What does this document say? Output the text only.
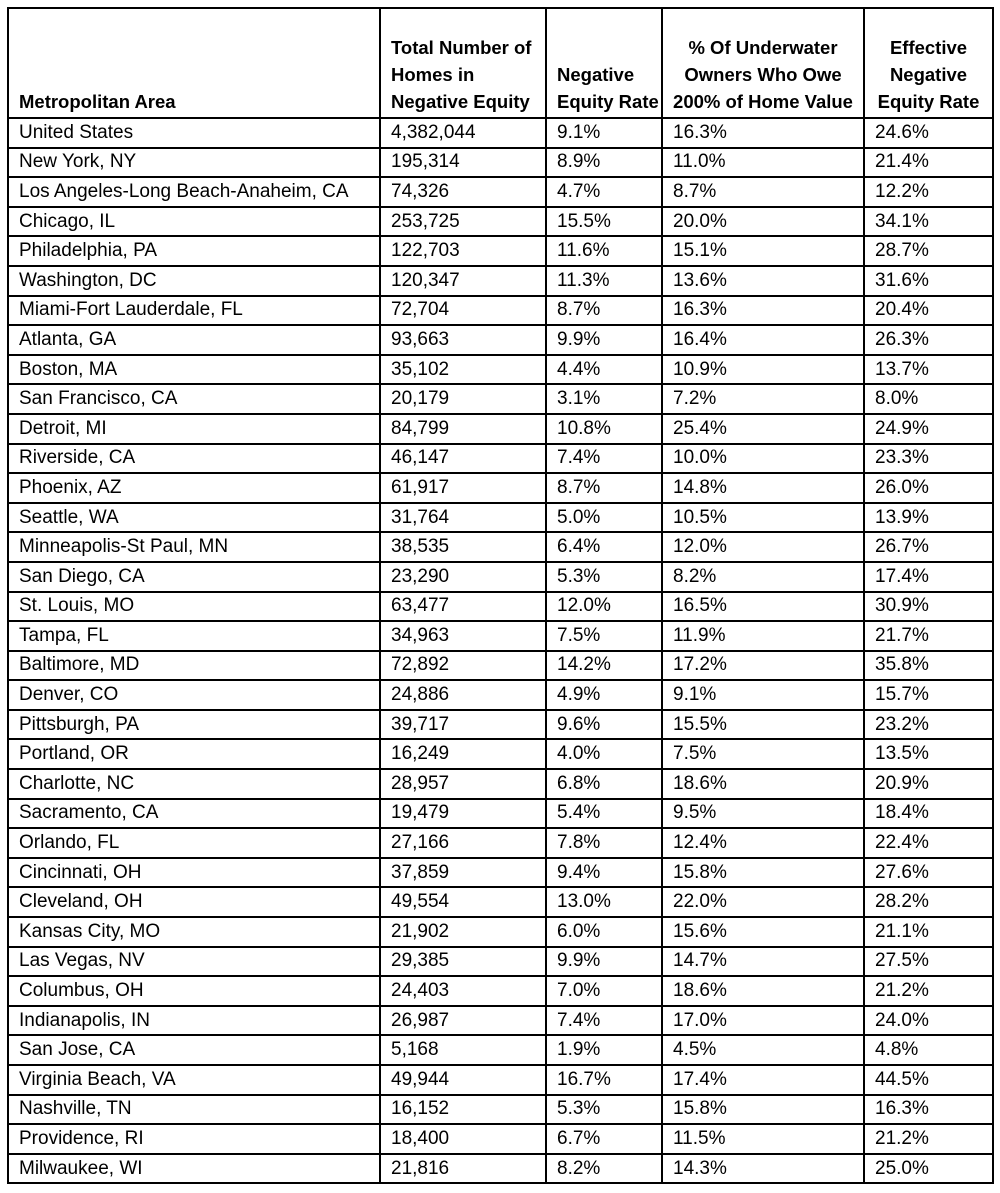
Metropolitan Area	Total Number of Homes in Negative Equity	Negative Equity Rate	% Of Underwater Owners Who Owe 200% of Home Value	Effective Negative Equity Rate
United States	4,382,044	9.1%	16.3%	24.6%
New York, NY	195,314	8.9%	11.0%	21.4%
Los Angeles-Long Beach-Anaheim, CA	74,326	4.7%	8.7%	12.2%
Chicago, IL	253,725	15.5%	20.0%	34.1%
Philadelphia, PA	122,703	11.6%	15.1%	28.7%
Washington, DC	120,347	11.3%	13.6%	31.6%
Miami-Fort Lauderdale, FL	72,704	8.7%	16.3%	20.4%
Atlanta, GA	93,663	9.9%	16.4%	26.3%
Boston, MA	35,102	4.4%	10.9%	13.7%
San Francisco, CA	20,179	3.1%	7.2%	8.0%
Detroit, MI	84,799	10.8%	25.4%	24.9%
Riverside, CA	46,147	7.4%	10.0%	23.3%
Phoenix, AZ	61,917	8.7%	14.8%	26.0%
Seattle, WA	31,764	5.0%	10.5%	13.9%
Minneapolis-St Paul, MN	38,535	6.4%	12.0%	26.7%
San Diego, CA	23,290	5.3%	8.2%	17.4%
St. Louis, MO	63,477	12.0%	16.5%	30.9%
Tampa, FL	34,963	7.5%	11.9%	21.7%
Baltimore, MD	72,892	14.2%	17.2%	35.8%
Denver, CO	24,886	4.9%	9.1%	15.7%
Pittsburgh, PA	39,717	9.6%	15.5%	23.2%
Portland, OR	16,249	4.0%	7.5%	13.5%
Charlotte, NC	28,957	6.8%	18.6%	20.9%
Sacramento, CA	19,479	5.4%	9.5%	18.4%
Orlando, FL	27,166	7.8%	12.4%	22.4%
Cincinnati, OH	37,859	9.4%	15.8%	27.6%
Cleveland, OH	49,554	13.0%	22.0%	28.2%
Kansas City, MO	21,902	6.0%	15.6%	21.1%
Las Vegas, NV	29,385	9.9%	14.7%	27.5%
Columbus, OH	24,403	7.0%	18.6%	21.2%
Indianapolis, IN	26,987	7.4%	17.0%	24.0%
San Jose, CA	5,168	1.9%	4.5%	4.8%
Virginia Beach, VA	49,944	16.7%	17.4%	44.5%
Nashville, TN	16,152	5.3%	15.8%	16.3%
Providence, RI	18,400	6.7%	11.5%	21.2%
Milwaukee, WI	21,816	8.2%	14.3%	25.0%
